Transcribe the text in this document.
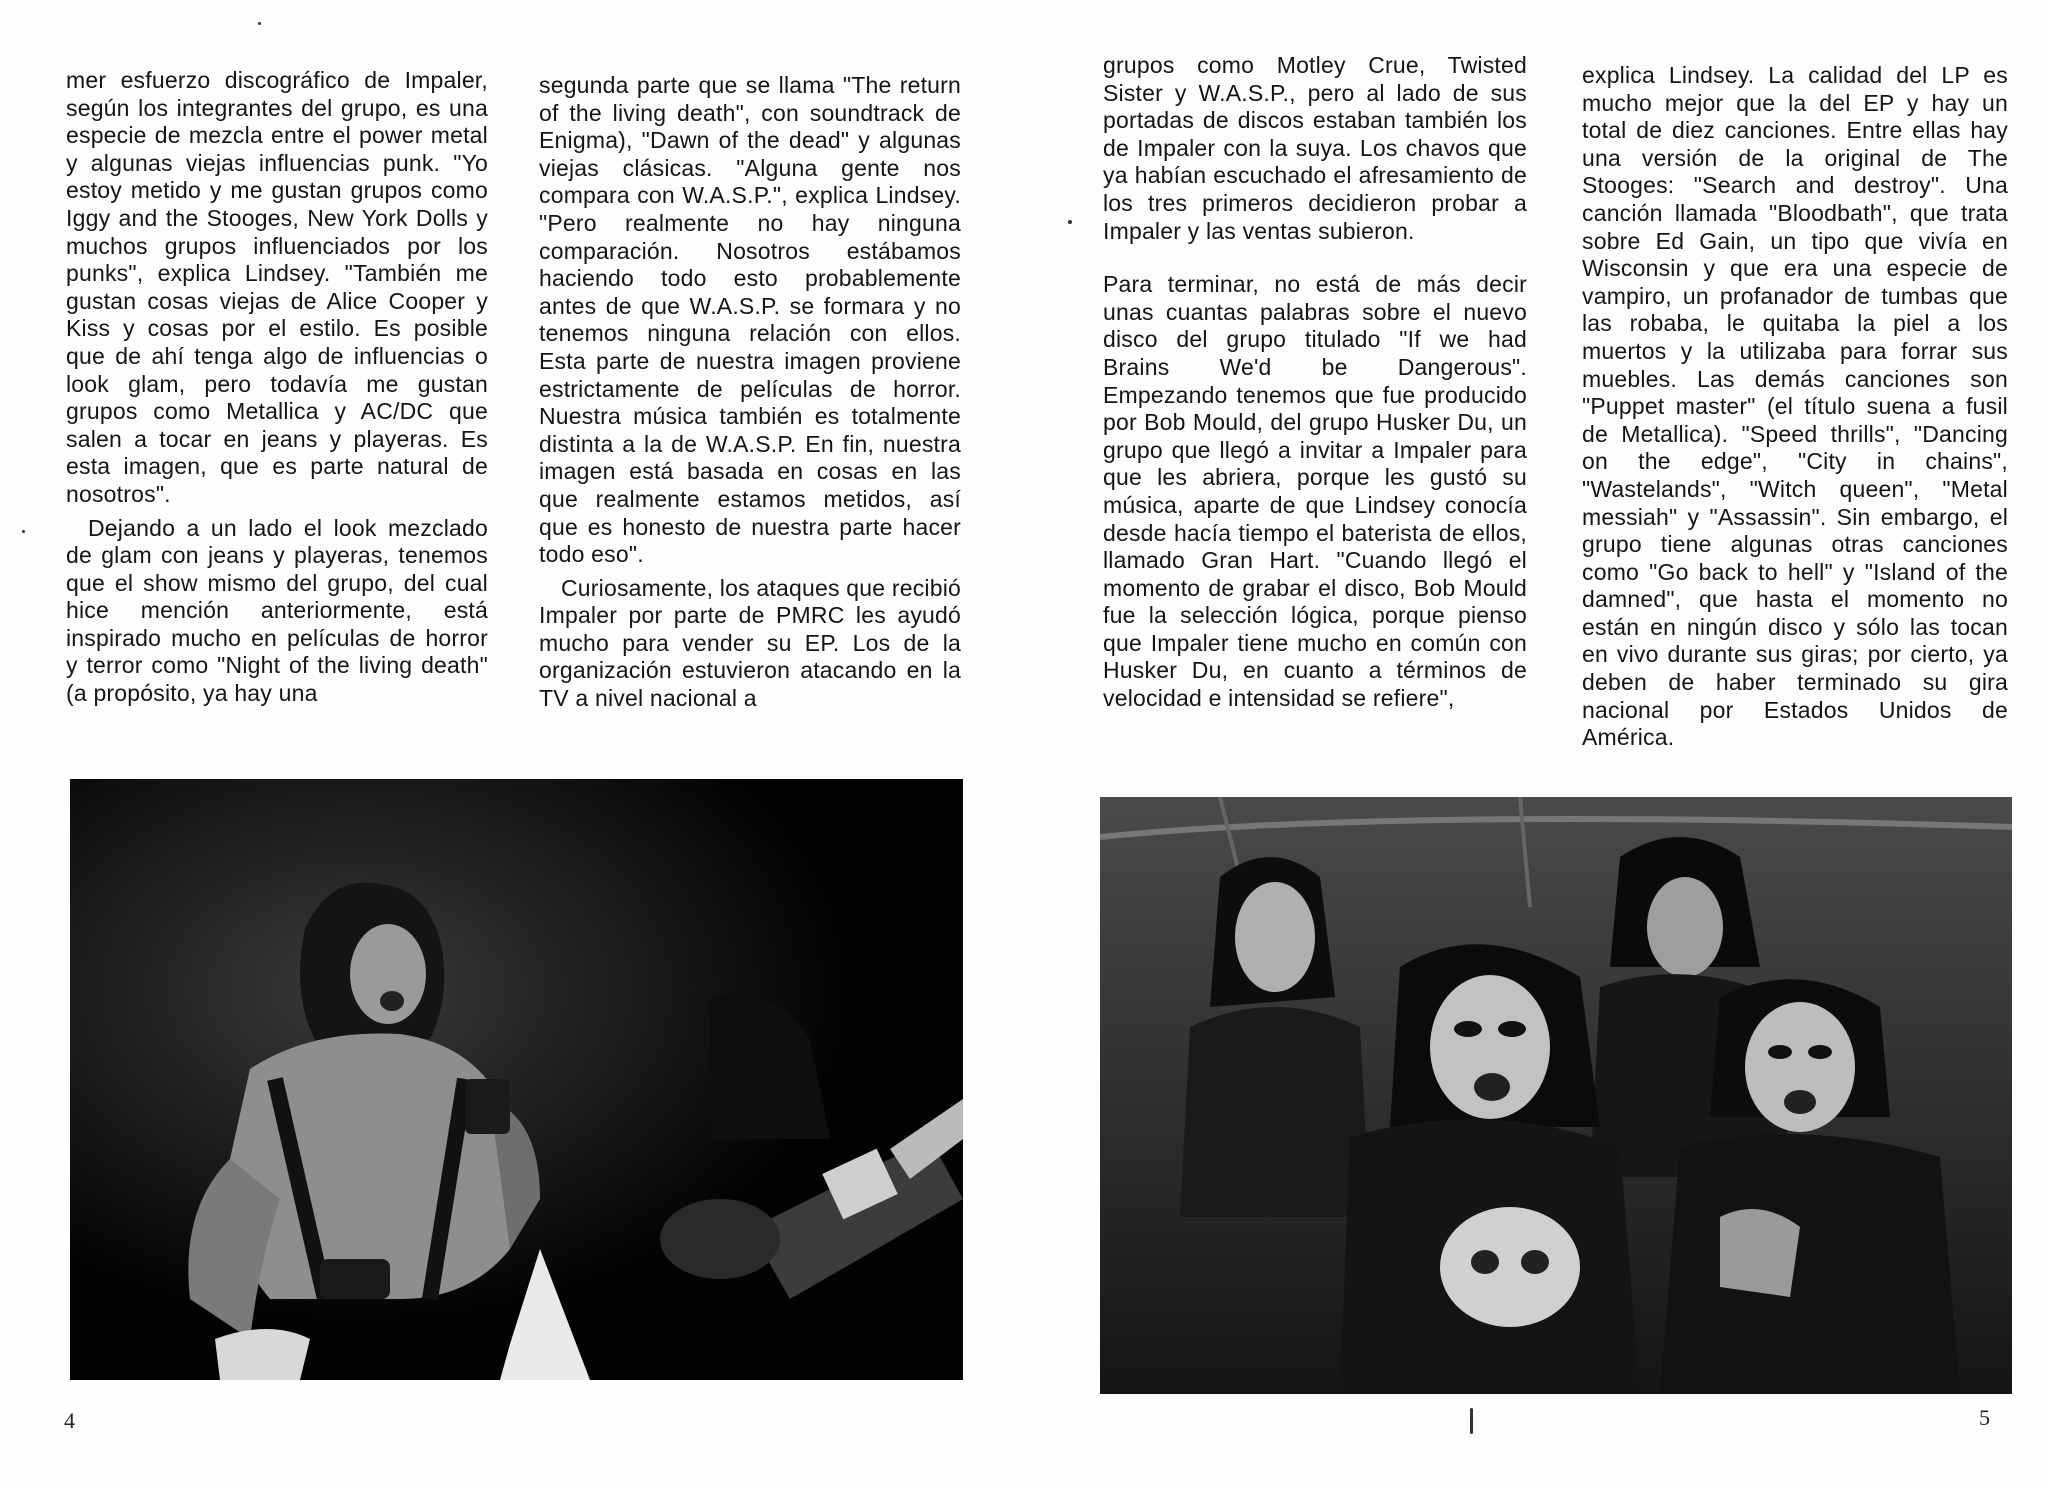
mer esfuerzo discográfico de Impaler, según los integrantes del grupo, es una especie de mezcla entre el power metal y algunas viejas influencias punk. "Yo estoy metido y me gustan grupos como Iggy and the Stooges, New York Dolls y muchos grupos influenciados por los punks", explica Lindsey. "También me gustan cosas viejas de Alice Cooper y Kiss y cosas por el estilo. Es posible que de ahí tenga algo de influencias o look glam, pero todavía me gustan grupos como Metallica y AC/DC que salen a tocar en jeans y playeras. Es esta imagen, que es parte natural de nosotros".

Dejando a un lado el look mezclado de glam con jeans y playeras, tenemos que el show mismo del grupo, del cual hice mención anteriormente, está inspirado mucho en películas de horror y terror como "Night of the living death" (a propósito, ya hay una

segunda parte que se llama "The return of the living death", con soundtrack de Enigma), "Dawn of the dead" y algunas viejas clásicas. "Alguna gente nos compara con W.A.S.P.", explica Lindsey. "Pero realmente no hay ninguna comparación. Nosotros estábamos haciendo todo esto probablemente antes de que W.A.S.P. se formara y no tenemos ninguna relación con ellos. Esta parte de nuestra imagen proviene estrictamente de películas de horror. Nuestra música también es totalmente distinta a la de W.A.S.P. En fin, nuestra imagen está basada en cosas en las que realmente estamos metidos, así que es honesto de nuestra parte hacer todo eso".

Curiosamente, los ataques que recibió Impaler por parte de PMRC les ayudó mucho para vender su EP. Los de la organización estuvieron atacando en la TV a nivel nacional a

4

grupos como Motley Crue, Twisted Sister y W.A.S.P., pero al lado de sus portadas de discos estaban también los de Impaler con la suya. Los chavos que ya habían escuchado el afresamiento de los tres primeros decidieron probar a Impaler y las ventas subieron.

Para terminar, no está de más decir unas cuantas palabras sobre el nuevo disco del grupo titulado "If we had Brains We'd be Dangerous". Empezando tenemos que fue producido por Bob Mould, del grupo Husker Du, un grupo que llegó a invitar a Impaler para que les abriera, porque les gustó su música, aparte de que Lindsey conocía desde hacía tiempo el baterista de ellos, llamado Gran Hart. "Cuando llegó el momento de grabar el disco, Bob Mould fue la selección lógica, porque pienso que Impaler tiene mucho en común con Husker Du, en cuanto a términos de velocidad e intensidad se refiere",

explica Lindsey. La calidad del LP es mucho mejor que la del EP y hay un total de diez canciones. Entre ellas hay una versión de la original de The Stooges: "Search and destroy". Una canción llamada "Bloodbath", que trata sobre Ed Gain, un tipo que vivía en Wisconsin y que era una especie de vampiro, un profanador de tumbas que las robaba, le quitaba la piel a los muertos y la utilizaba para forrar sus muebles. Las demás canciones son "Puppet master" (el título suena a fusil de Metallica). "Speed thrills", "Dancing on the edge", "City in chains", "Wastelands", "Witch queen", "Metal messiah" y "Assassin". Sin embargo, el grupo tiene algunas otras canciones como "Go back to hell" y "Island of the damned", que hasta el momento no están en ningún disco y sólo las tocan en vivo durante sus giras; por cierto, ya deben de haber terminado su gira nacional por Estados Unidos de América.

5
